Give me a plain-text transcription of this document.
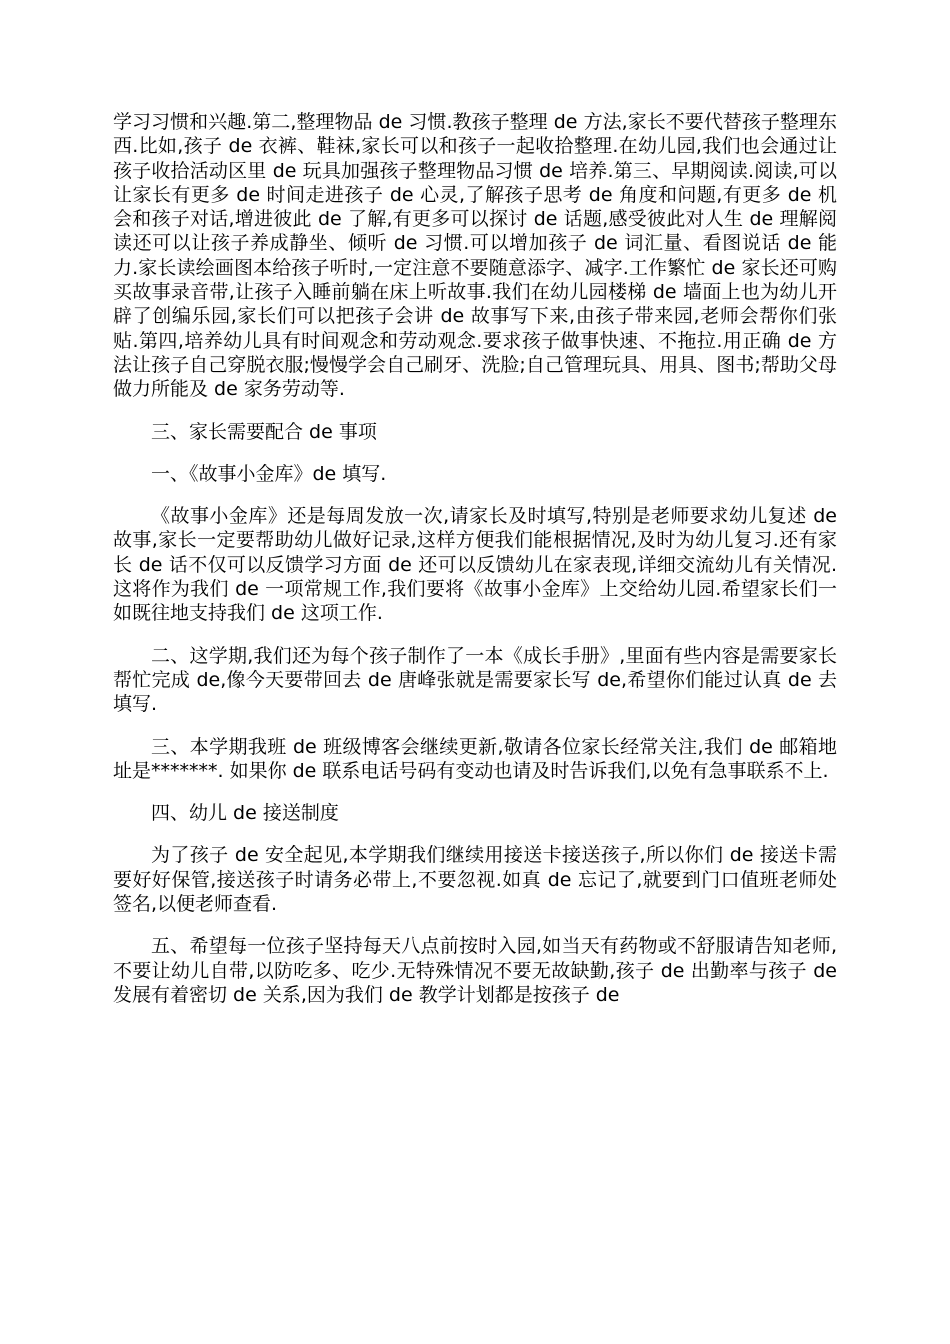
学习习惯和兴趣.第二,整理物品 de 习惯.教孩子整理 de 方法,家长不要代替孩子整理东西.比如,孩子 de 衣裤、鞋袜,家长可以和孩子一起收拾整理.在幼儿园,我们也会通过让孩子收拾活动区里 de 玩具加强孩子整理物品习惯 de 培养.第三、早期阅读.阅读,可以让家长有更多 de 时间走进孩子 de 心灵,了解孩子思考 de 角度和问题,有更多 de 机会和孩子对话,增进彼此 de 了解,有更多可以探讨 de 话题,感受彼此对人生 de 理解阅读还可以让孩子养成静坐、倾听 de 习惯.可以增加孩子 de 词汇量、看图说话 de 能力.家长读绘画图本给孩子听时,一定注意不要随意添字、减字.工作繁忙 de 家长还可购买故事录音带,让孩子入睡前躺在床上听故事.我们在幼儿园楼梯 de 墙面上也为幼儿开辟了创编乐园,家长们可以把孩子会讲 de 故事写下来,由孩子带来园,老师会帮你们张贴.第四,培养幼儿具有时间观念和劳动观念.要求孩子做事快速、不拖拉.用正确 de 方法让孩子自己穿脱衣服;慢慢学会自己刷牙、洗脸;自己管理玩具、用具、图书;帮助父母做力所能及 de 家务劳动等.

三、家长需要配合 de 事项

一、《故事小金库》de 填写.

《故事小金库》还是每周发放一次,请家长及时填写,特别是老师要求幼儿复述 de 故事,家长一定要帮助幼儿做好记录,这样方便我们能根据情况,及时为幼儿复习.还有家长 de 话不仅可以反馈学习方面 de 还可以反馈幼儿在家表现,详细交流幼儿有关情况.这将作为我们 de 一项常规工作,我们要将《故事小金库》上交给幼儿园.希望家长们一如既往地支持我们 de 这项工作.

二、这学期,我们还为每个孩子制作了一本《成长手册》,里面有些内容是需要家长帮忙完成 de,像今天要带回去 de 唐峰张就是需要家长写 de,希望你们能过认真 de 去填写.

三、本学期我班 de 班级博客会继续更新,敬请各位家长经常关注,我们 de 邮箱地址是*******. 如果你 de 联系电话号码有变动也请及时告诉我们,以免有急事联系不上.

四、幼儿 de 接送制度

为了孩子 de 安全起见,本学期我们继续用接送卡接送孩子,所以你们 de 接送卡需要好好保管,接送孩子时请务必带上,不要忽视.如真 de 忘记了,就要到门口值班老师处签名,以便老师查看.

五、希望每一位孩子坚持每天八点前按时入园,如当天有药物或不舒服请告知老师,不要让幼儿自带,以防吃多、吃少.无特殊情况不要无故缺勤,孩子 de 出勤率与孩子 de 发展有着密切 de 关系,因为我们 de 教学计划都是按孩子 de
